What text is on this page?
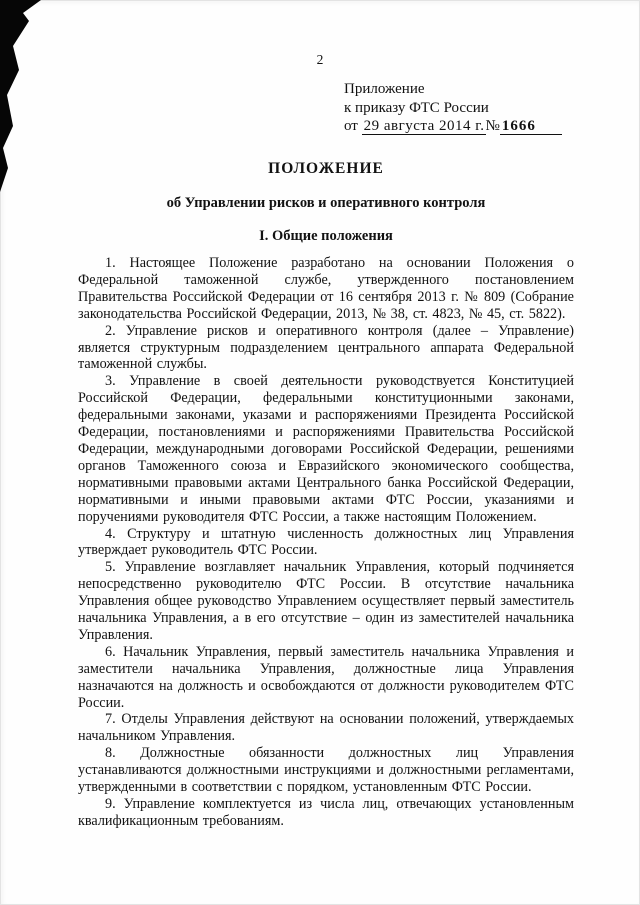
2
Приложение
к приказу ФТС России
от 29 августа 2014 г.№ 1666
ПОЛОЖЕНИЕ
об Управлении рисков и оперативного контроля
I. Общие положения

1. Настоящее Положение разработано на основании Положения о Федеральной таможенной службе, утвержденного постановлением Правительства Российской Федерации от 16 сентября 2013 г. № 809 (Собрание законодательства Российской Федерации, 2013, № 38, ст. 4823, № 45, ст. 5822).

2. Управление рисков и оперативного контроля (далее – Управление) является структурным подразделением центрального аппарата Федеральной таможенной службы.

3. Управление в своей деятельности руководствуется Конституцией Российской Федерации, федеральными конституционными законами, федеральными законами, указами и распоряжениями Президента Российской Федерации, постановлениями и распоряжениями Правительства Российской Федерации, международными договорами Российской Федерации, решениями органов Таможенного союза и Евразийского экономического сообщества, нормативными правовыми актами Центрального банка Российской Федерации, нормативными и иными правовыми актами ФТС России, указаниями и поручениями руководителя ФТС России, а также настоящим Положением.

4. Структуру и штатную численность должностных лиц Управления утверждает руководитель ФТС России.

5. Управление возглавляет начальник Управления, который подчиняется непосредственно руководителю ФТС России. В отсутствие начальника Управления общее руководство Управлением осуществляет первый заместитель начальника Управления, а в его отсутствие – один из заместителей начальника Управления.

6. Начальник Управления, первый заместитель начальника Управления и заместители начальника Управления, должностные лица Управления назначаются на должность и освобождаются от должности руководителем ФТС России.

7. Отделы Управления действуют на основании положений, утверждаемых начальником Управления.

8. Должностные обязанности должностных лиц Управления устанавливаются должностными инструкциями и должностными регламентами, утвержденными в соответствии с порядком, установленным ФТС России.

9. Управление комплектуется из числа лиц, отвечающих установленным квалификационным требованиям.
